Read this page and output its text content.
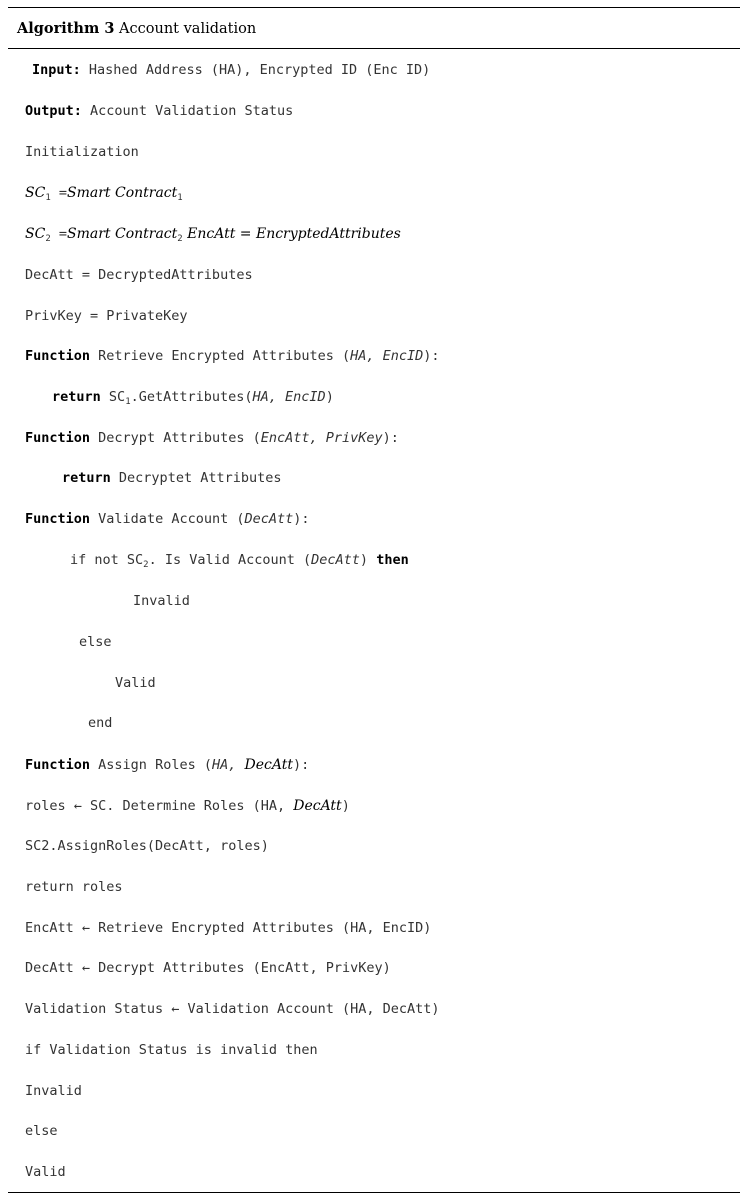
Algorithm 3 Account validation
Input: Hashed Address (HA), Encrypted ID (Enc ID)
Output: Account Validation Status
Initialization
$SC_1$ =Smart Contract$_1$
$SC_2$ =Smart Contract$_2$ EncAtt = EncryptedAttributes
DecAtt = DecryptedAttributes
PrivKey = PrivateKey
Function Retrieve Encrypted Attributes (HA, EncID):
return $SC_1.GetAttributes(HA$, EncID)
Function Decrypt Attributes (EncAtt, PrivKey):
return Decryptet Attributes
Function Validate Account (DecAtt):
if not $SC_2$. Is Valid Account (DecAtt) then
Invalid
else
Valid
end
Function Assign Roles (HA, DecAtt):
roles ← SC. Determine Roles (HA, DecAtt)
SC2.AssignRoles(DecAtt, roles)
return roles
EncAtt ← Retrieve Encrypted Attributes (HA, EncID)
DecAtt ← Decrypt Attributes (EncAtt, PrivKey)
Validation Status ← Validation Account (HA, DecAtt)
if Validation Status is invalid then
Invalid
else
Valid
